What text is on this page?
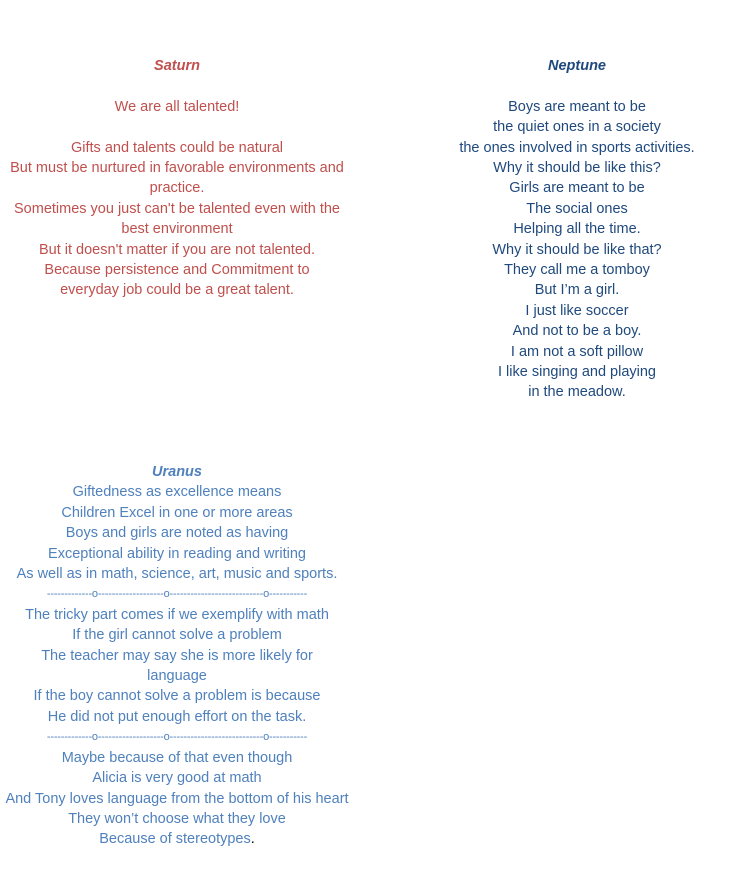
Saturn
We are all talented!
Gifts and talents could be natural
But must be nurtured in favorable environments and practice.
Sometimes you just can't be talented even with the best environment
But it doesn't matter if you are not talented.
Because persistence and Commitment to everyday job could be a great talent.
Neptune
Boys are meant to be
the quiet ones in a society
the ones involved in sports activities.
Why it should be like this?
Girls are meant to be
The social ones
Helping all the time.
Why it should be like that?
They call me a tomboy
But I’m a girl.
I just like soccer
And not to be a boy.
I am not a soft pillow
I like singing and playing
in the meadow.
Uranus
Giftedness as excellence means
Children Excel in one or more areas
Boys and girls are noted as having
Exceptional ability in reading and writing
As well as in math, science, art, music and sports.
-------------o-------------------o---------------------------o-----------
The tricky part comes if we exemplify with math
If the girl cannot solve a problem
The teacher may say she is more likely for language
If the boy cannot solve a problem is because
He did not put enough effort on the task.
-------------o-------------------o---------------------------o-----------
Maybe because of that even though
Alicia is very good at math
And Tony loves language from the bottom of his heart
They won’t choose what they love
Because of stereotypes.
